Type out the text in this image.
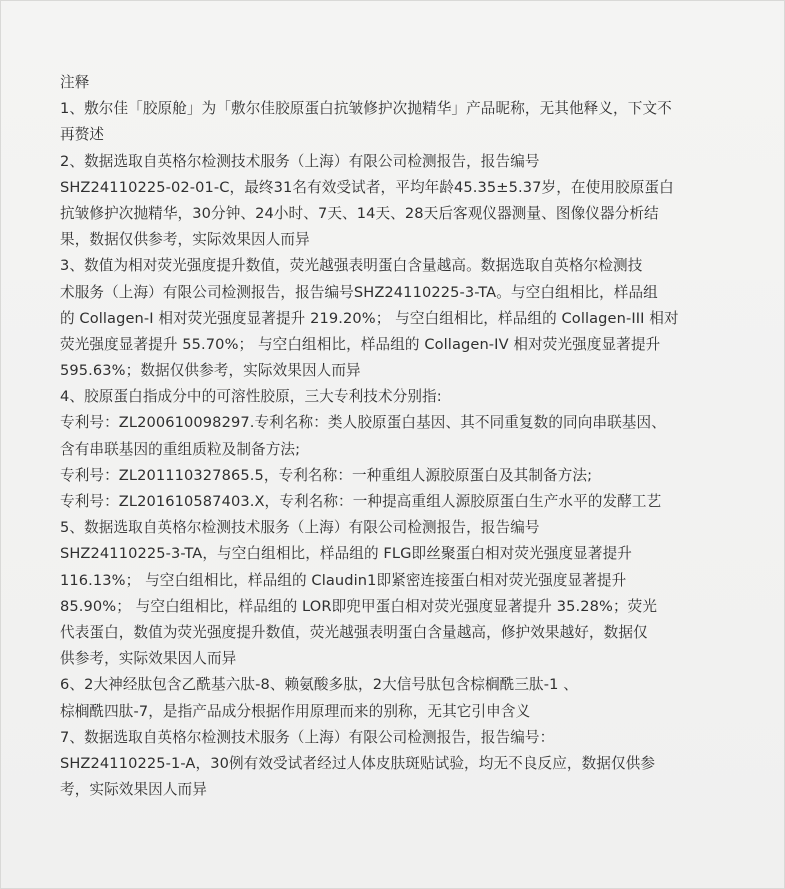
注释
1、敷尔佳「胶原舱」为「敷尔佳胶原蛋白抗皱修护次抛精华」产品昵称，无其他释义，下文不
再赘述
2、数据选取自英格尔检测技术服务（上海）有限公司检测报告，报告编号
SHZ24110225-02-01-C，最终31名有效受试者，平均年龄45.35±5.37岁，在使用胶原蛋白
抗皱修护次抛精华，30分钟、24小时、7天、14天、28天后客观仪器测量、图像仪器分析结
果，数据仅供参考，实际效果因人而异
3、数值为相对荧光强度提升数值，荧光越强表明蛋白含量越高。数据选取自英格尔检测技
术服务（上海）有限公司检测报告，报告编号SHZ24110225-3-TA。与空白组相比，样品组
的 Collagen-I 相对荧光强度显著提升 219.20%； 与空白组相比，样品组的 Collagen-III 相对
荧光强度显著提升 55.70%； 与空白组相比，样品组的 Collagen-IV 相对荧光强度显著提升
595.63%；数据仅供参考，实际效果因人而异
4、胶原蛋白指成分中的可溶性胶原，三大专利技术分别指:
专利号：ZL200610098297.专利名称：类人胶原蛋白基因、其不同重复数的同向串联基因、
含有串联基因的重组质粒及制备方法;
专利号：ZL201110327865.5，专利名称：一种重组人源胶原蛋白及其制备方法;
专利号：ZL201610587403.X，专利名称：一种提高重组人源胶原蛋白生产水平的发酵工艺
5、数据选取自英格尔检测技术服务（上海）有限公司检测报告，报告编号
SHZ24110225-3-TA，与空白组相比，样品组的 FLG即丝聚蛋白相对荧光强度显著提升
116.13%； 与空白组相比，样品组的 Claudin1即紧密连接蛋白相对荧光强度显著提升
85.90%； 与空白组相比，样品组的 LOR即兜甲蛋白相对荧光强度显著提升 35.28%；荧光
代表蛋白，数值为荧光强度提升数值，荧光越强表明蛋白含量越高，修护效果越好，数据仅
供参考，实际效果因人而异
6、2大神经肽包含乙酰基六肽-8、赖氨酸多肽，2大信号肽包含棕榈酰三肽-1 、
棕榈酰四肽-7，是指产品成分根据作用原理而来的别称，无其它引申含义
7、数据选取自英格尔检测技术服务（上海）有限公司检测报告，报告编号：
SHZ24110225-1-A，30例有效受试者经过人体皮肤斑贴试验，均无不良反应，数据仅供参
考，实际效果因人而异
